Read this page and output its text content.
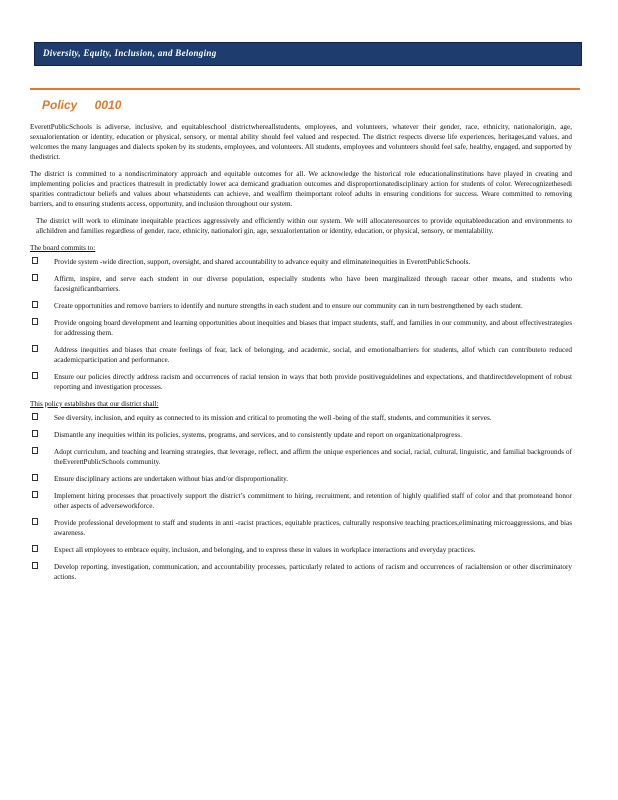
Diversity, Equity, Inclusion, and Belonging
Policy 0010

EverettPublicSchools is adiverse, inclusive, and equitableschool districtwhereallstudents, employees, and volunteers, whatever their gender, race, ethnicity, nationalorigin, age, sexualorientation or identity, education or physical, sensory, or mental ability should feel valued and respected. The district respects diverse life experiences, heritages,and values, and welcomes the many languages and dialects spoken by its students, employees, and volunteers. All students, employees and volunteers should feel safe, healthy, engaged, and supported by thedistrict.

The district is committed to a nondiscriminatory approach and equitable outcomes for all. We acknowledge the historical role educationalinstitutions have played in creating and implementing policies and practices thatresult in predictably lower aca demicand graduation outcomes and disproportionatedisciplinary action for students of color. Werecognizethesedi sparities contradictour beliefs and values about whatstudents can achieve, and wealfirm theimportant roleof adults in ensuring conditions for success. Weare committed to removing barriers, and to ensuring students access, opportunity, and inclusion throughout our system.

The district will work to eliminate inequitable practices aggressively and efficiently within our system. We will allocateresources to provide equitableeducation and environments to allchildren and families regardless of gender, race, ethnicity, nationalori gin, age, sexualorientation or identity, education, or physical, sensory, or mentalability.

The board commits to:
Provide system -wide direction, support, oversight, and shared accountability to advance equity and eliminateinequities in EverettPublicSchools.
Affirm, inspire, and serve each student in our diverse population, especially students who have been marginalized through racear other means, and students who facesignificantbarriers.
Create opportunities and remove barriers to identify and nurture strengths in each student and to ensure our community can in turn bestrengthened by each student.
Provide ongoing board development and learning opportunities about inequities and biases that impact students, staff, and families in our community, and about effectivestrategies for addressing them.
Address inequities and biases that create feelings of fear, lack of belonging, and academic, social, and emotionalbarriers for students, allof which can contributeto reduced academicparticipation and performance.
Ensure our policies directly address racism and occurrences of racial tension in ways that both provide positiveguidelines and expectations, and thatdirectdevelopment of robust reporting and investigation processes.
This policy establishes that our district shall:
See diversity, inclusion, and equity as connected to its mission and critical to promoting the well -being of the staff, students, and communities it serves.
Dismantle any inequities within its policies, systems, programs, and services, and to consistently update and report on organizationalprogress.
Adopt curriculum, and teaching and learning strategies, that leverage, reflect, and affirm the unique experiences and social, racial, cultural, linguistic, and familial backgrounds of theEverettPublicSchools community.
Ensure disciplinary actions are undertaken without bias and/or disproportionality.
Implement hiring processes that proactively support the district’s commitment to hiring, recruitment, and retention of highly qualified staff of color and that promoteand honor other aspects of adverseworkforce.
Provide professional development to staff and students in anti -racist practices, equitable practices, culturally responsive teaching practices,eliminating microaggressions, and bias awareness.
Expect all employees to embrace equity, inclusion, and belonging, and to express these in values in workplace interactions and everyday practices.
Develop reporting, investigation, communication, and accountability processes, particularly related to actions of racism and occurrences of racialtension or other discriminatory actions.
